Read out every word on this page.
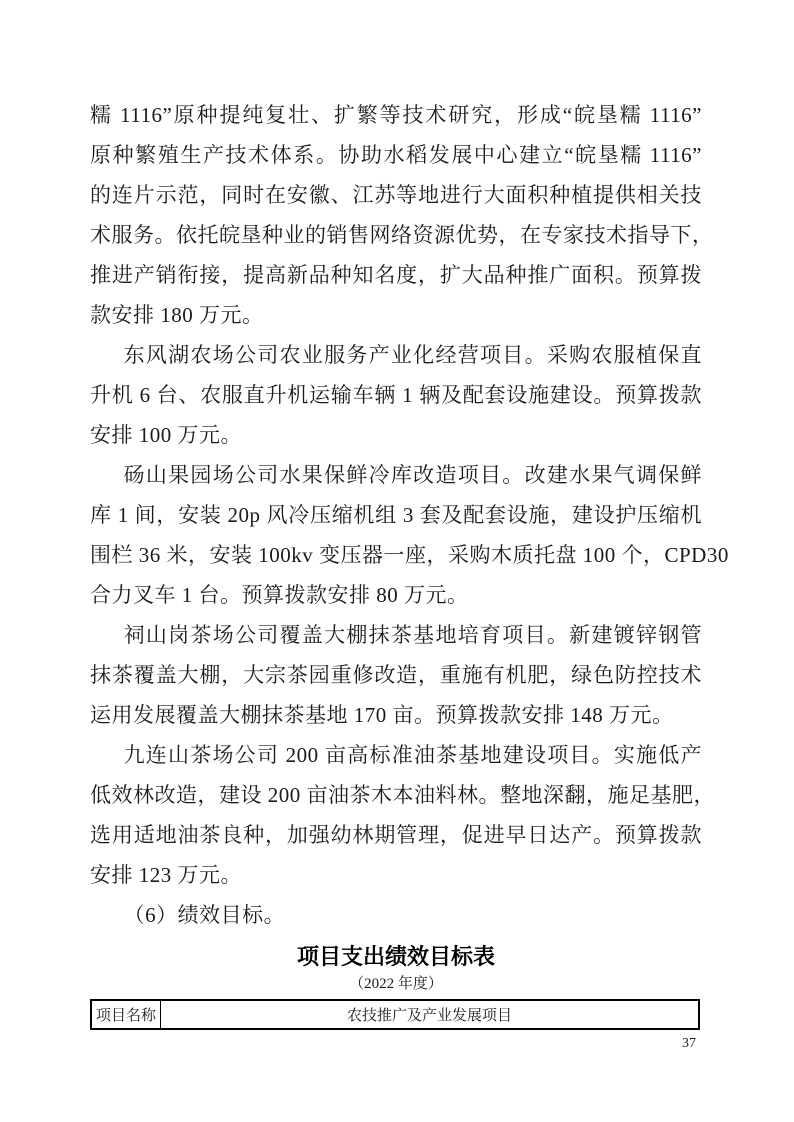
糯 1116”原种提纯复壮、扩繁等技术研究，形成“皖垦糯 1116”
原种繁殖生产技术体系。协助水稻发展中心建立“皖垦糯 1116”
的连片示范，同时在安徽、江苏等地进行大面积种植提供相关技
术服务。依托皖垦种业的销售网络资源优势，在专家技术指导下，
推进产销衔接，提高新品种知名度，扩大品种推广面积。预算拨
款安排 180 万元。
东风湖农场公司农业服务产业化经营项目。采购农服植保直
升机 6 台、农服直升机运输车辆 1 辆及配套设施建设。预算拨款
安排 100 万元。
砀山果园场公司水果保鲜冷库改造项目。改建水果气调保鲜
库 1 间，安装 20p 风冷压缩机组 3 套及配套设施，建设护压缩机
围栏 36 米，安装 100kv 变压器一座，采购木质托盘 100 个，CPD30
合力叉车 1 台。预算拨款安排 80 万元。
祠山岗茶场公司覆盖大棚抹茶基地培育项目。新建镀锌钢管
抹茶覆盖大棚，大宗茶园重修改造，重施有机肥，绿色防控技术
运用发展覆盖大棚抹茶基地 170 亩。预算拨款安排 148 万元。
九连山茶场公司 200 亩高标准油茶基地建设项目。实施低产
低效林改造，建设 200 亩油茶木本油料林。整地深翻，施足基肥，
选用适地油茶良种，加强幼林期管理，促进早日达产。预算拨款
安排 123 万元。
（6）绩效目标。
项目支出绩效目标表
（2022 年度）
项目名称	农技推广及产业发展项目
37
